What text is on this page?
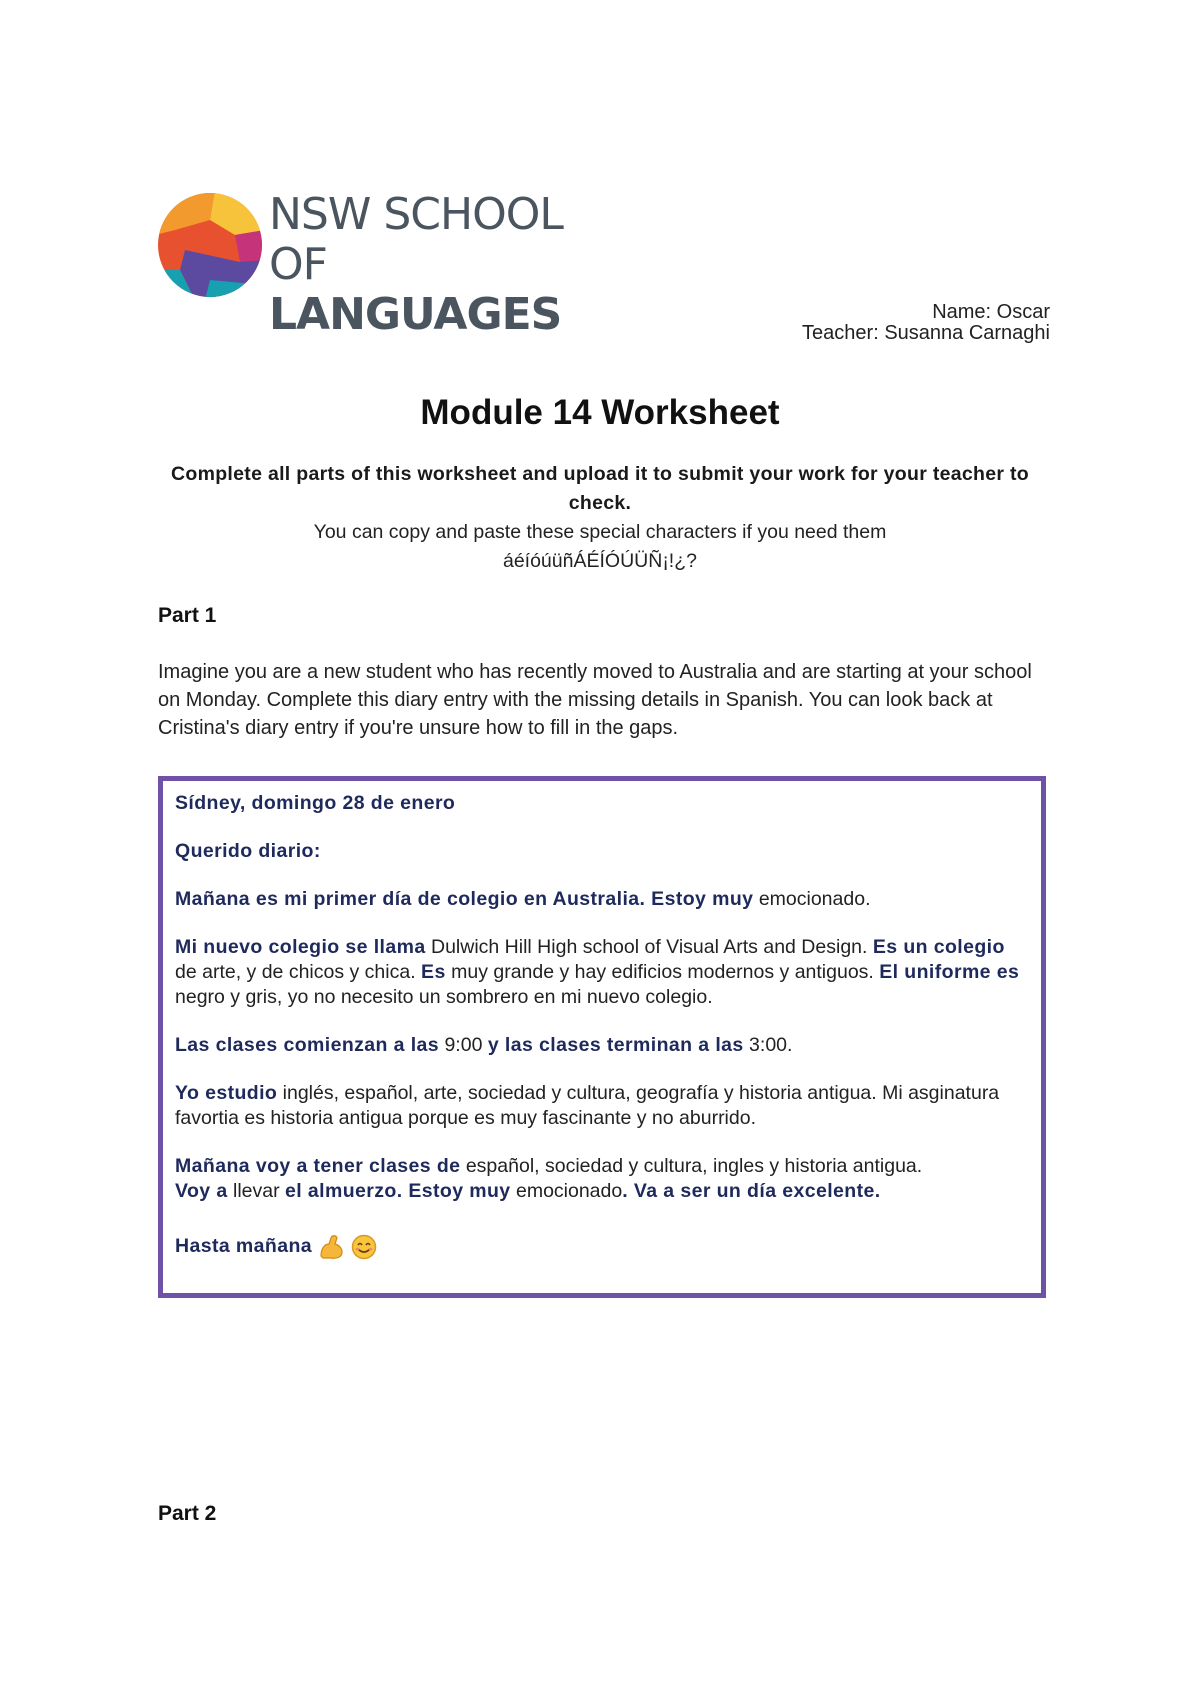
NSW SCHOOL
OF LANGUAGES	Name: Oscar
Teacher: Susanna Carnaghi
Module 14 Worksheet
Complete all parts of this worksheet and upload it to submit your work for your teacher to check.
You can copy and paste these special characters if you need them
áéíóúüñÁÉÍÓÚÜÑ¡!¿?
Part 1
Imagine you are a new student who has recently moved to Australia and are starting at your school on Monday. Complete this diary entry with the missing details in Spanish. You can look back at Cristina's diary entry if you're unsure how to fill in the gaps.

Sídney, domingo 28 de enero

Querido diario:

Mañana es mi primer día de colegio en Australia. Estoy muy emocionado.

Mi nuevo colegio se llama Dulwich Hill High school of Visual Arts and Design. Es un colegio de arte, y de chicos y chica. Es muy grande y hay edificios modernos y antiguos. El uniforme es negro y gris, yo no necesito un sombrero en mi nuevo colegio.

Las clases comienzan a las 9:00 y las clases terminan a las 3:00.

Yo estudio inglés, español, arte, sociedad y cultura, geografía y historia antigua. Mi asginatura favortia es historia antigua porque es muy fascinante y no aburrido.

Mañana voy a tener clases de español, sociedad y cultura, ingles y historia antigua.
Voy a llevar el almuerzo. Estoy muy emocionado. Va a ser un día excelente.

Hasta mañana

Part 2
